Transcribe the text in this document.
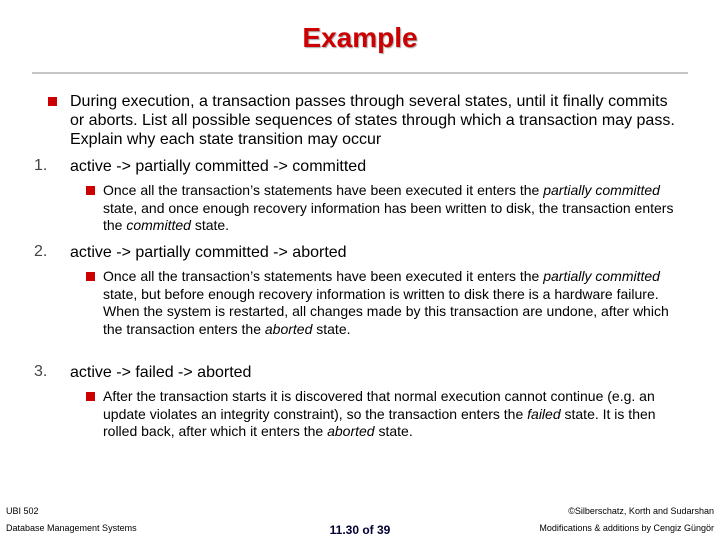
Example
During execution, a transaction passes through several states, until it finally commits or aborts. List all possible sequences of states through which a transaction may pass. Explain why each state transition may occur
1. active -> partially committed -> committed
Once all the transaction’s statements have been executed it enters the partially committed state, and once enough recovery information has been written to disk, the transaction enters the committed state.
2. active -> partially committed -> aborted
Once all the transaction’s statements have been executed it enters the partially committed state, but before enough recovery information is written to disk there is a hardware failure. When the system is restarted, all changes made by this transaction are undone, after which the transaction enters the aborted state.
3. active -> failed -> aborted
After the transaction starts it is discovered that normal execution cannot continue (e.g. an update violates an integrity constraint), so the transaction enters the failed state. It is then rolled back, after which it enters the aborted state.
UBI 502
Database Management Systems	11.30 of 39
©Silberschatz, Korth and Sudarshan
Modifications & additions by Cengiz Güngör
